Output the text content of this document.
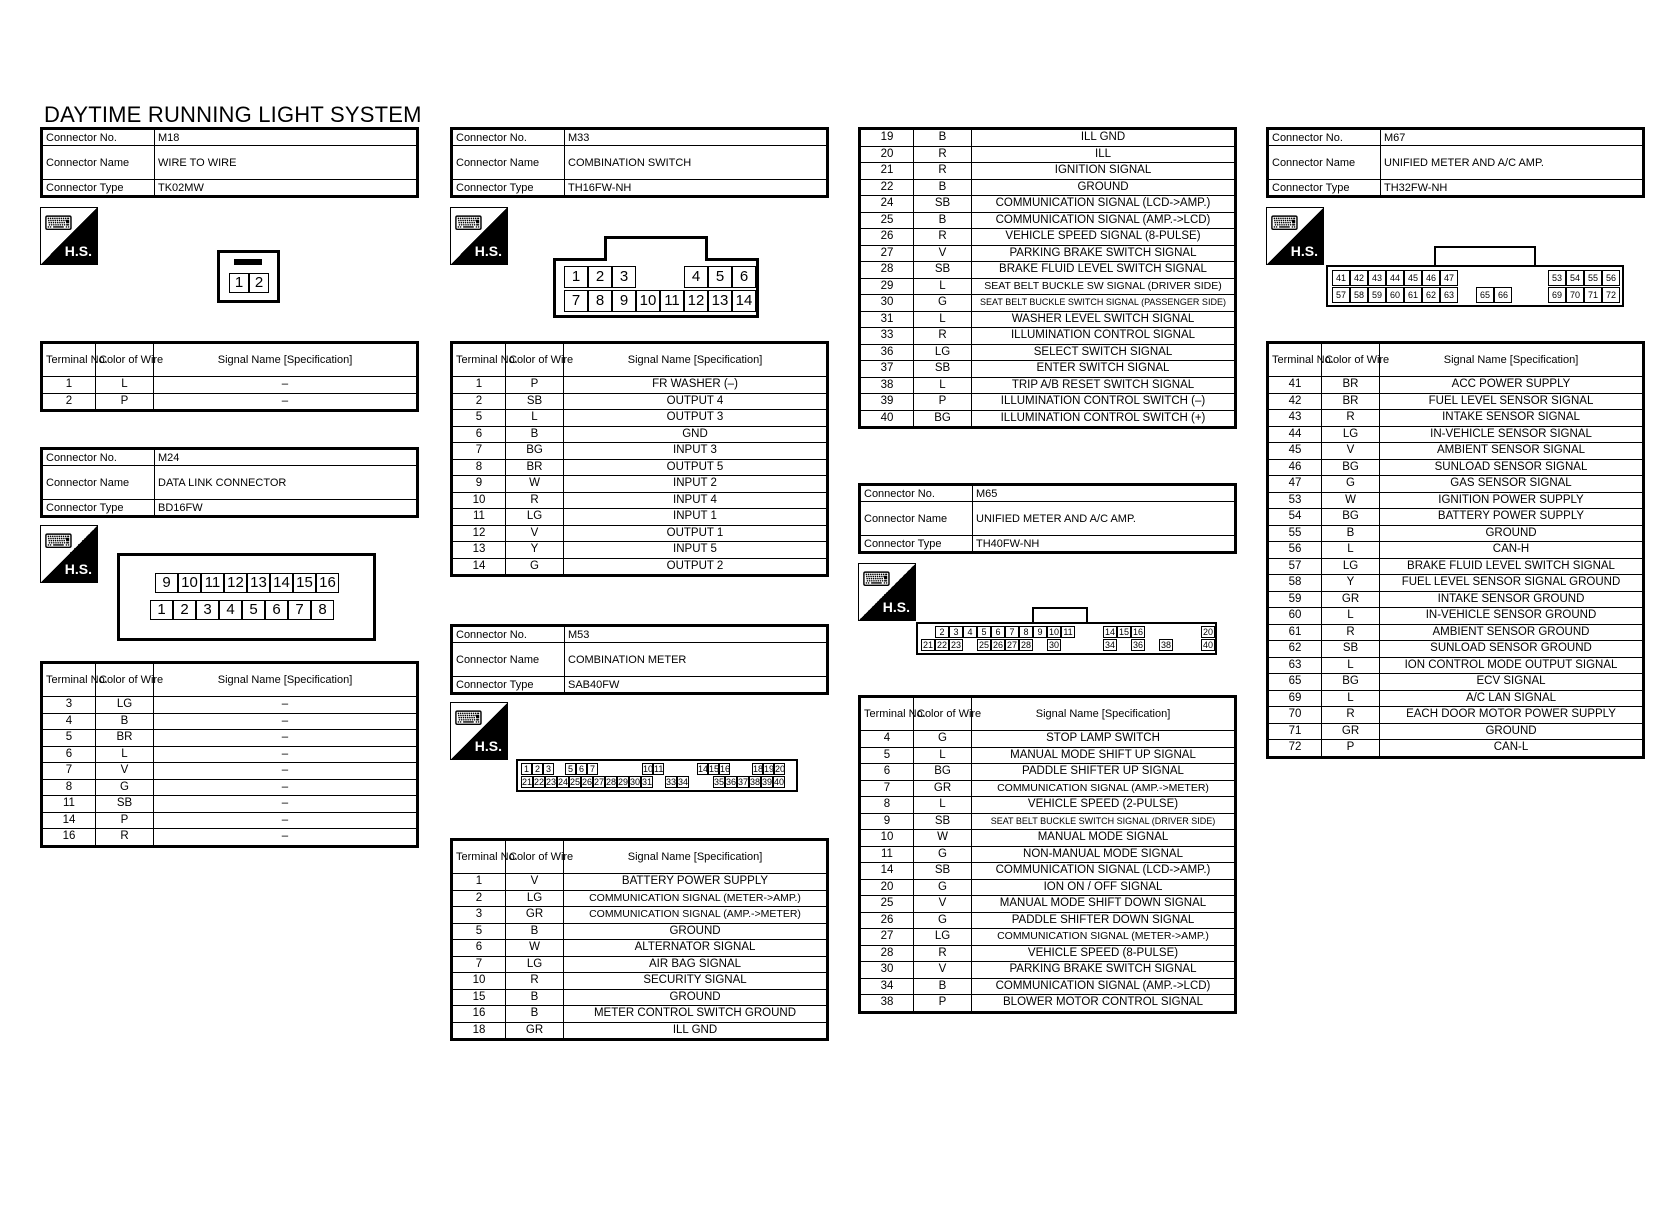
DAYTIME RUNNING LIGHT SYSTEM
Connector No.	M18
Connector Name	WIRE TO WIRE
Connector Type	TK02MW
⌨
H.S.
1 2
Terminal No.	Color of Wire	Signal Name [Specification]
1	L	–
2	P	–
Connector No.	M24
Connector Name	DATA LINK CONNECTOR
Connector Type	BD16FW
⌨
H.S.
9 10 11 12 13 14 15 16
1 2 3 4 5 6 7 8
Terminal No.	Color of Wire	Signal Name [Specification]
3	LG	–
4	B	–
5	BR	–
6	L	–
7	V	–
8	G	–
11	SB	–
14	P	–
16	R	–
Connector No.	M33
Connector Name	COMBINATION SWITCH
Connector Type	TH16FW-NH
⌨
H.S.
1	2	3	4	5	6
7	8	9 10 11 12 13 14
Terminal No.	Color of Wire	Signal Name [Specification]
1	P	FR WASHER (–)
2	SB	OUTPUT 4
5	L	OUTPUT 3
6	B	GND
7	BG	INPUT 3
8	BR	OUTPUT 5
9	W	INPUT 2
10	R	INPUT 4
11	LG	INPUT 1
12	V	OUTPUT 1
13	Y	INPUT 5
14	G	OUTPUT 2
Connector No.	M53
Connector Name	COMBINATION METER
Connector Type	SAB40FW
⌨
H.S.
1 2 3	5 6 7	10 11	14 15 16	18 19 20
21 22 23 24 25 26 27 28 29 30 31 33 34	35 36 37 38 39 40
Terminal No.	Color of Wire	Signal Name [Specification]
1	V	BATTERY POWER SUPPLY
2	LG	COMMUNICATION SIGNAL (METER->AMP.)
3	GR	COMMUNICATION SIGNAL (AMP.->METER)
5	B	GROUND
6	W	ALTERNATOR SIGNAL
7	LG	AIR BAG SIGNAL
10	R	SECURITY SIGNAL
15	B	GROUND
16	B	METER CONTROL SWITCH GROUND
18	GR	ILL GND
19	B	ILL GND
20	R	ILL
21	R	IGNITION SIGNAL
22	B	GROUND
24	SB	COMMUNICATION SIGNAL (LCD->AMP.)
25	B	COMMUNICATION SIGNAL (AMP.->LCD)
26	R	VEHICLE SPEED SIGNAL (8-PULSE)
27	V	PARKING BRAKE SWITCH SIGNAL
28	SB	BRAKE FLUID LEVEL SWITCH SIGNAL
29	L	SEAT BELT BUCKLE SW SIGNAL (DRIVER SIDE)
30	G	SEAT BELT BUCKLE SWITCH SIGNAL (PASSENGER SIDE)
31	L	WASHER LEVEL SWITCH SIGNAL
33	R	ILLUMINATION CONTROL SIGNAL
36	LG	SELECT SWITCH SIGNAL
37	SB	ENTER SWITCH SIGNAL
38	L	TRIP A/B RESET SWITCH SIGNAL
39	P	ILLUMINATION CONTROL SWITCH (–)
40	BG	ILLUMINATION CONTROL SWITCH (+)
Connector No.	M65
Connector Name	UNIFIED METER AND A/C AMP.
Connector Type	TH40FW-NH
⌨
H.S.
2 3 4 5 6 7 8 9 10 11	14 15 16	20
21 22 23 25 26 27 28 30	34 36 38	40
Terminal No.	Color of Wire	Signal Name [Specification]
4	G	STOP LAMP SWITCH
5	L	MANUAL MODE SHIFT UP SIGNAL
6	BG	PADDLE SHIFTER UP SIGNAL
7	GR	COMMUNICATION SIGNAL (AMP.->METER)
8	L	VEHICLE SPEED (2-PULSE)
9	SB	SEAT BELT BUCKLE SWITCH SIGNAL (DRIVER SIDE)
10	W	MANUAL MODE SIGNAL
11	G	NON-MANUAL MODE SIGNAL
14	SB	COMMUNICATION SIGNAL (LCD->AMP.)
20	G	ION ON / OFF SIGNAL
25	V	MANUAL MODE SHIFT DOWN SIGNAL
26	G	PADDLE SHIFTER DOWN SIGNAL
27	LG	COMMUNICATION SIGNAL (METER->AMP.)
28	R	VEHICLE SPEED (8-PULSE)
30	V	PARKING BRAKE SWITCH SIGNAL
34	B	COMMUNICATION SIGNAL (AMP.->LCD)
38	P	BLOWER MOTOR CONTROL SIGNAL
Connector No.	M67
Connector Name	UNIFIED METER AND A/C AMP.
Connector Type	TH32FW-NH
⌨
H.S.
41 42 43 44 45 46 47	53 54 55 56
57 58 59 60 61 62 63	65 66	69 70 71 72
Terminal No.	Color of Wire	Signal Name [Specification]
41	BR	ACC POWER SUPPLY
42	BR	FUEL LEVEL SENSOR SIGNAL
43	R	INTAKE SENSOR SIGNAL
44	LG	IN-VEHICLE SENSOR SIGNAL
45	V	AMBIENT SENSOR SIGNAL
46	BG	SUNLOAD SENSOR SIGNAL
47	G	GAS SENSOR SIGNAL
53	W	IGNITION POWER SUPPLY
54	BG	BATTERY POWER SUPPLY
55	B	GROUND
56	L	CAN-H
57	LG	BRAKE FLUID LEVEL SWITCH SIGNAL
58	Y	FUEL LEVEL SENSOR SIGNAL GROUND
59	GR	INTAKE SENSOR GROUND
60	L	IN-VEHICLE SENSOR GROUND
61	R	AMBIENT SENSOR GROUND
62	SB	SUNLOAD SENSOR GROUND
63	L	ION CONTROL MODE OUTPUT SIGNAL
65	BG	ECV SIGNAL
69	L	A/C LAN SIGNAL
70	R	EACH DOOR MOTOR POWER SUPPLY
71	GR	GROUND
72	P	CAN-L
